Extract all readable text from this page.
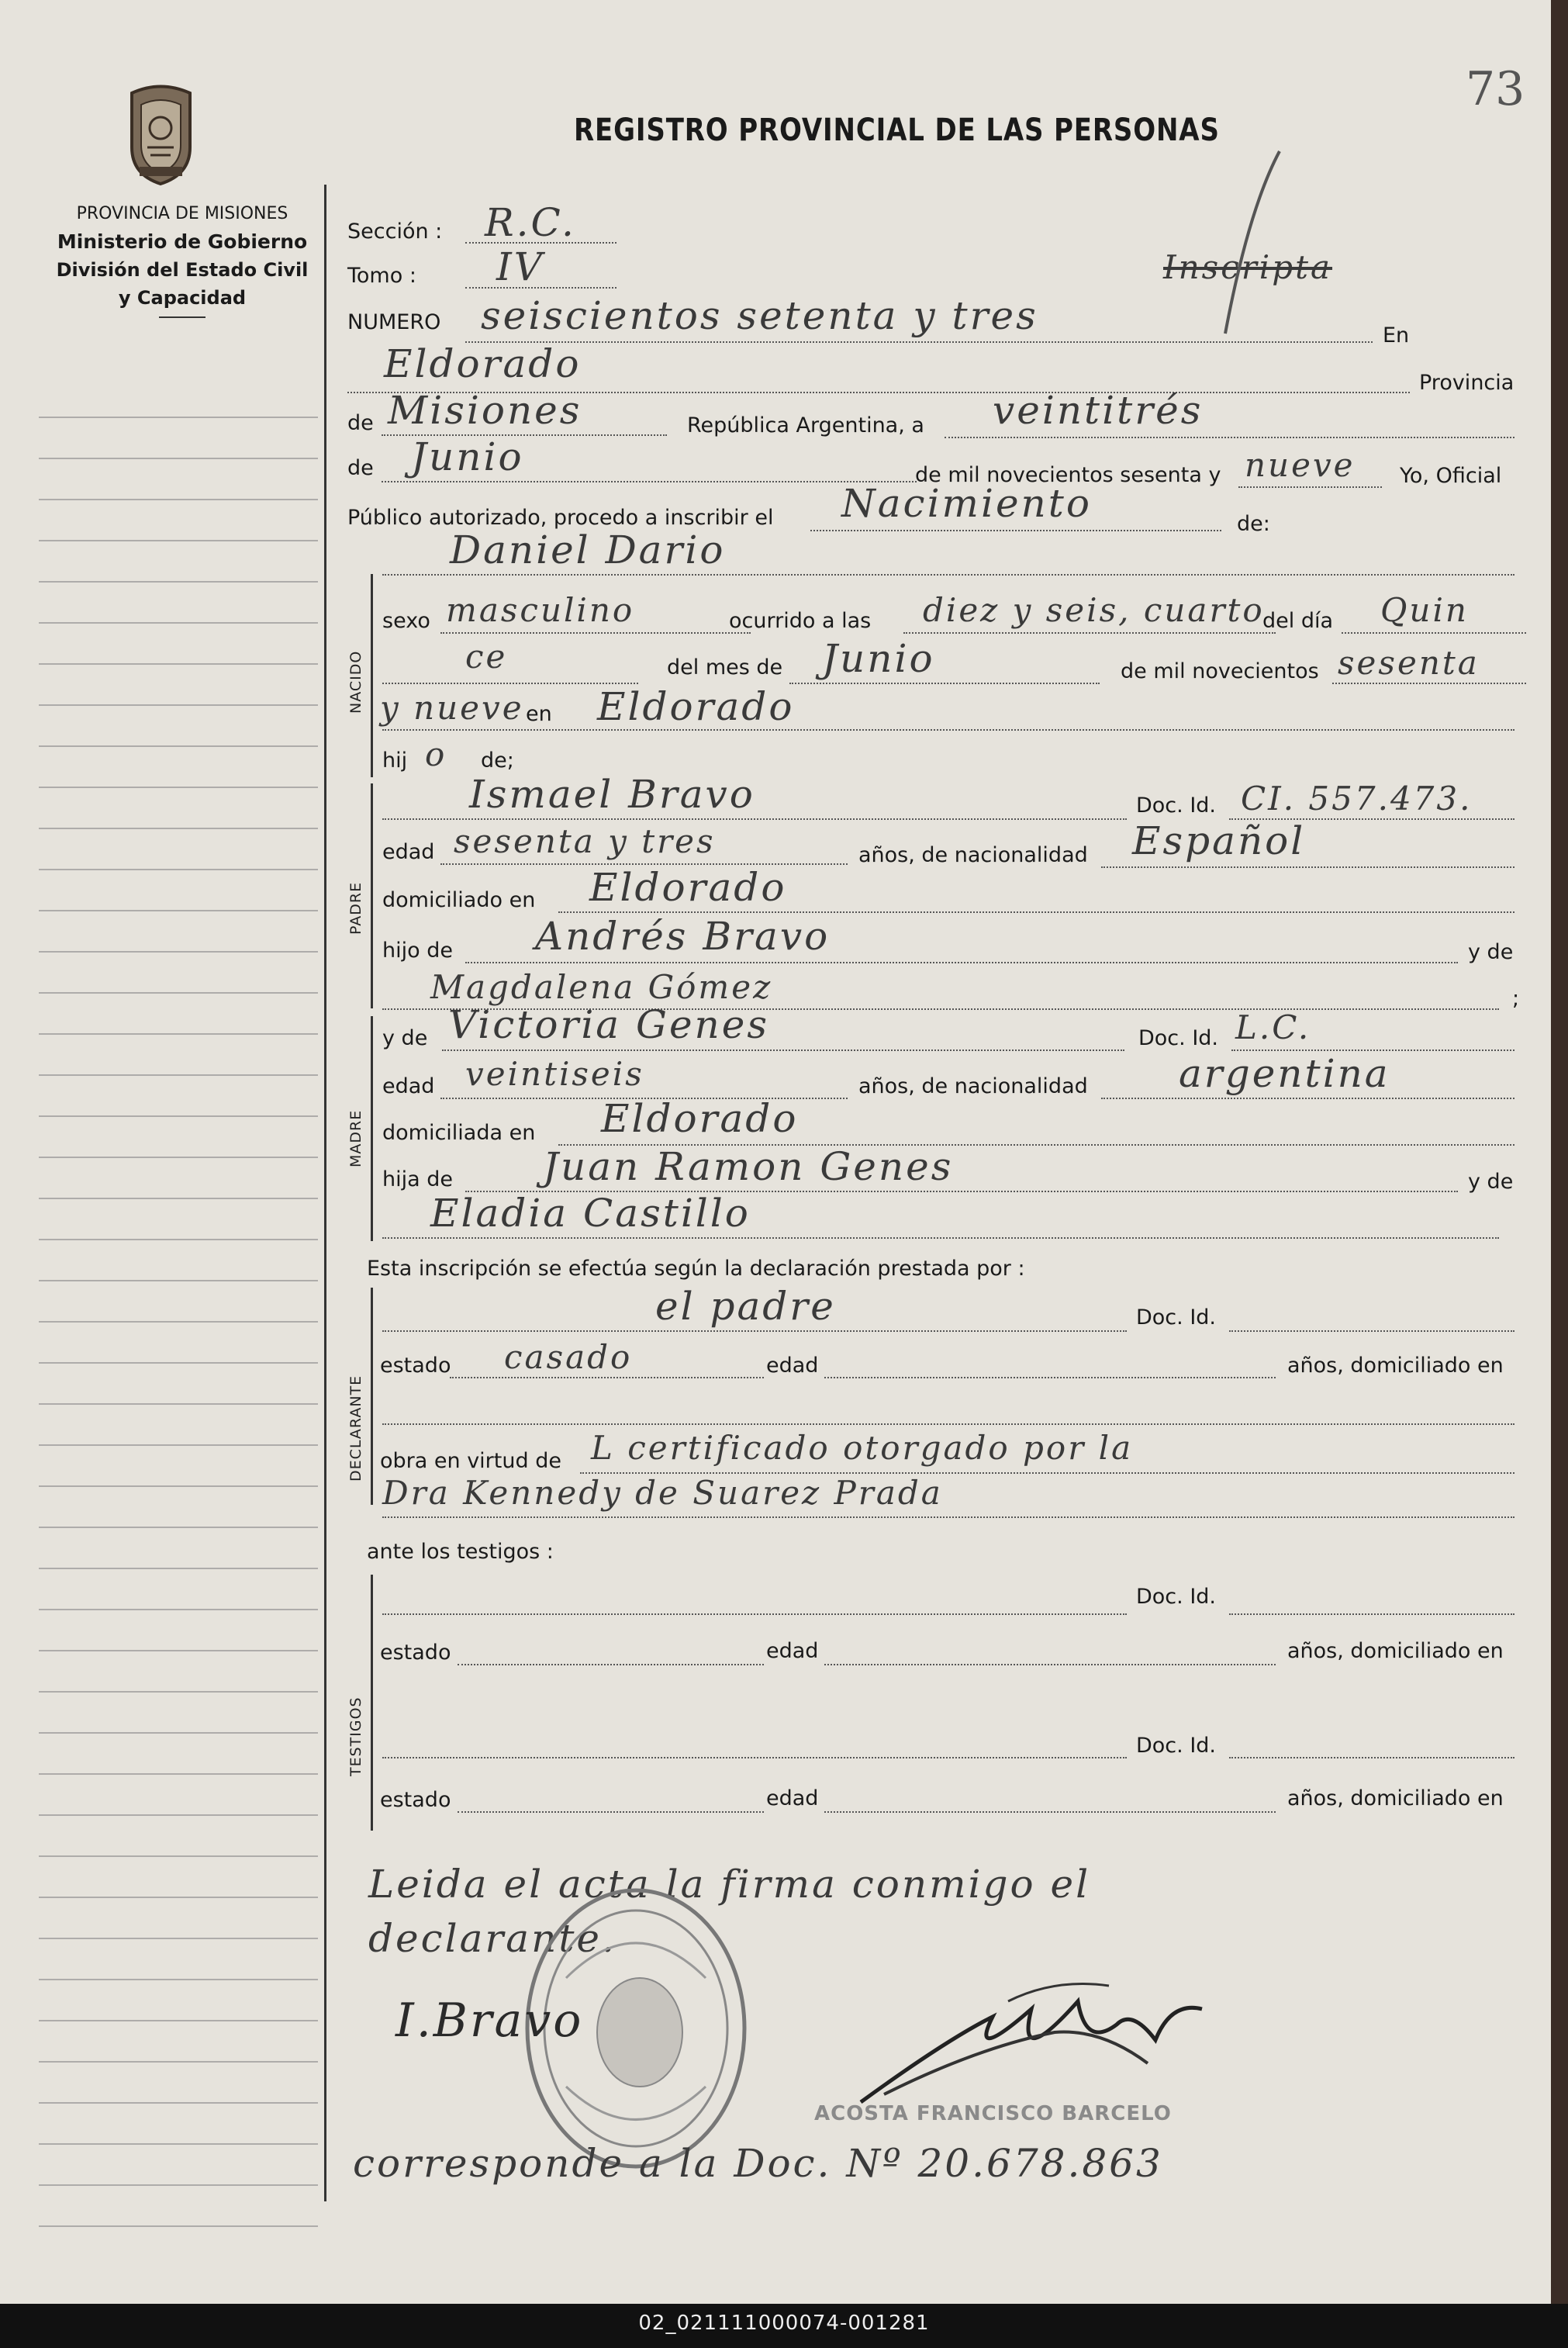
02_021111000074-001281
73
REGISTRO PROVINCIAL DE LAS PERSONAS
PROVINCIA DE MISIONES
Ministerio de Gobierno
División del Estado Civil
y Capacidad
NACIDO
PADRE
MADRE
DECLARANTE
TESTIGOS
Sección : R.C.
Tomo : IV	Inscripta
NUMERO seiscientos setenta y tres	En
Eldorado	Provincia
de Misiones	República Argentina, a veintitrés
de Junio	de mil novecientos sesenta y nueve Yo, Oficial
Público autorizado, procedo a inscribir el Nacimiento	de:
Daniel Dario
sexo masculino	ocurrido a las diez y seis, cuarto
del día Quin
ce	del mes de Junio	de mil novecientos sesenta
y nueve en Eldorado
hij o de;
Ismael Bravo	Doc. Id. CI. 557.473.
edad sesenta y tres	años, de nacionalidad Español
domiciliado en Eldorado
hijo de Andrés Bravo	y de
Magdalena Gómez	;
y de Victoria Genes	Doc. Id. L.C.
edad veintiseis	años, de nacionalidad argentina
domiciliada en Eldorado
hija de Juan Ramon Genes	y de
Eladia Castillo
Esta inscripción se efectúa según la declaración prestada por :
el padre	Doc. Id.
estado casado	edad	años, domiciliado en
obra en virtud de L certificado otorgado por la
Dra Kennedy de Suarez Prada
ante los testigos :
Doc. Id.
estado	edad	años, domiciliado en
Doc. Id.
estado	edad	años, domiciliado en
Leida el acta la firma conmigo el
declarante.
I.Bravo
ACOSTA FRANCISCO BARCELO
corresponde a la Doc. Nº 20.678.863
